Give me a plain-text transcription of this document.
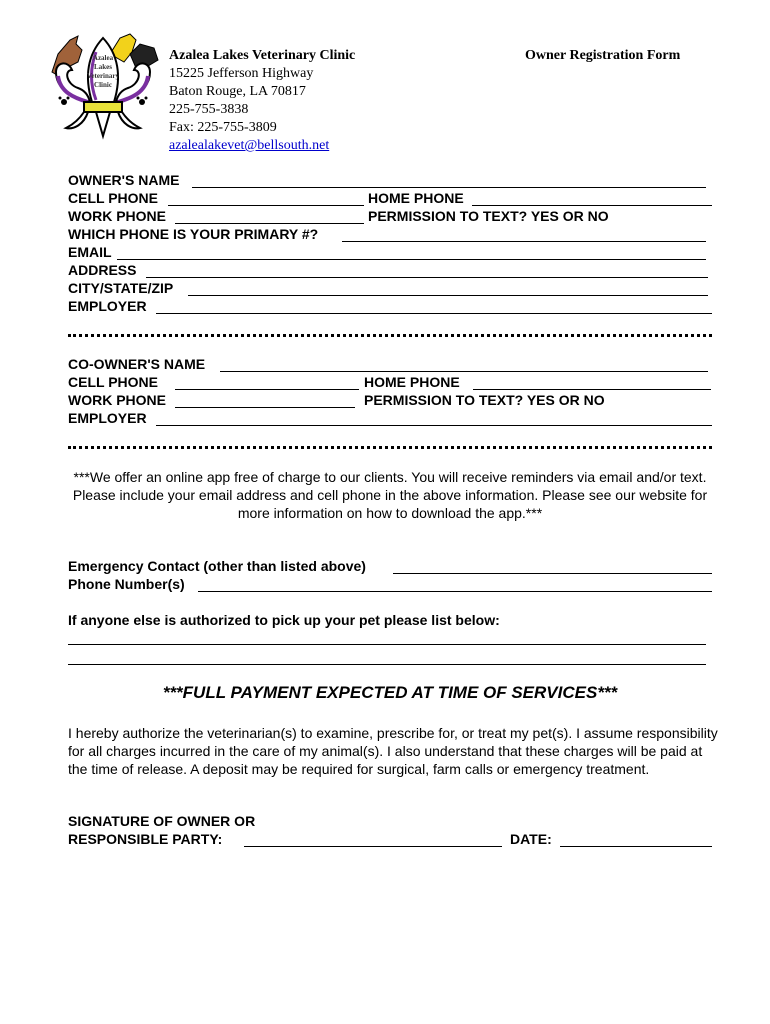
Azalea
Lakes
Veterinary
Clinic
Azalea Lakes Veterinary Clinic
15225 Jefferson Highway
Baton Rouge, LA 70817
225-755-3838
Fax: 225-755-3809
azalealakevet@bellsouth.net
Owner Registration Form
OWNER'S NAME
CELL PHONE	HOME PHONE
WORK PHONE	PERMISSION TO TEXT? YES OR NO
WHICH PHONE IS YOUR PRIMARY #?
EMAIL
ADDRESS
CITY/STATE/ZIP
EMPLOYER
CO-OWNER'S NAME
CELL PHONE	HOME PHONE
WORK PHONE	PERMISSION TO TEXT? YES OR NO
EMPLOYER
***We offer an online app free of charge to our clients. You will receive reminders via email and/or text. Please include your email address and cell phone in the above information. Please see our website for more information on how to download the app.***
Emergency Contact (other than listed above)
Phone Number(s)
If anyone else is authorized to pick up your pet please list below:
***FULL PAYMENT EXPECTED AT TIME OF SERVICES***
I hereby authorize the veterinarian(s) to examine, prescribe for, or treat my pet(s). I assume responsibility for all charges incurred in the care of my animal(s). I also understand that these charges will be paid at the time of release. A deposit may be required for surgical, farm calls or emergency treatment.
SIGNATURE OF OWNER OR
RESPONSIBLE PARTY:	DATE:
